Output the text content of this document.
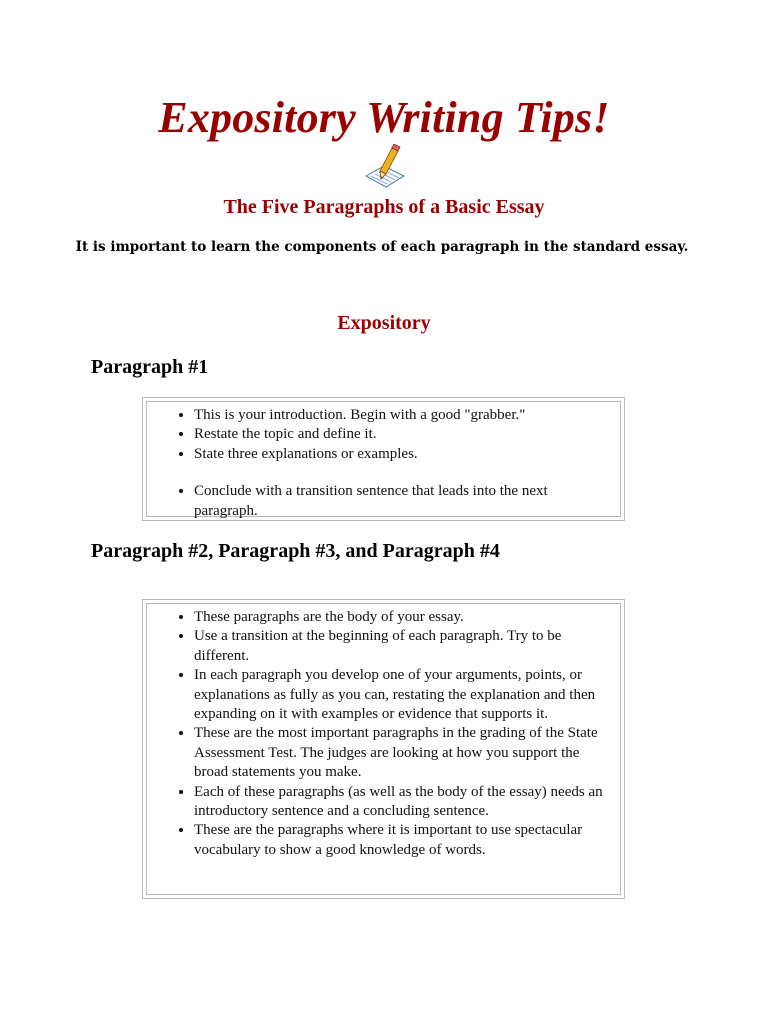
Expository Writing Tips!
The Five Paragraphs of a Basic Essay

It is important to learn the components of each paragraph in the standard essay.

Expository
Paragraph #1
• This is your introduction. Begin with a good "grabber."
• Restate the topic and define it.
• State three explanations or examples.
• Conclude with a transition sentence that leads into the next paragraph.
Paragraph #2, Paragraph #3, and Paragraph #4
• These paragraphs are the body of your essay.
• Use a transition at the beginning of each paragraph. Try to be different.
• In each paragraph you develop one of your arguments, points, or explanations as fully as you can, restating the explanation and then expanding on it with examples or evidence that supports it.
• These are the most important paragraphs in the grading of the State Assessment Test. The judges are looking at how you support the broad statements you make.
• Each of these paragraphs (as well as the body of the essay) needs an introductory sentence and a concluding sentence.
• These are the paragraphs where it is important to use spectacular vocabulary to show a good knowledge of words.
